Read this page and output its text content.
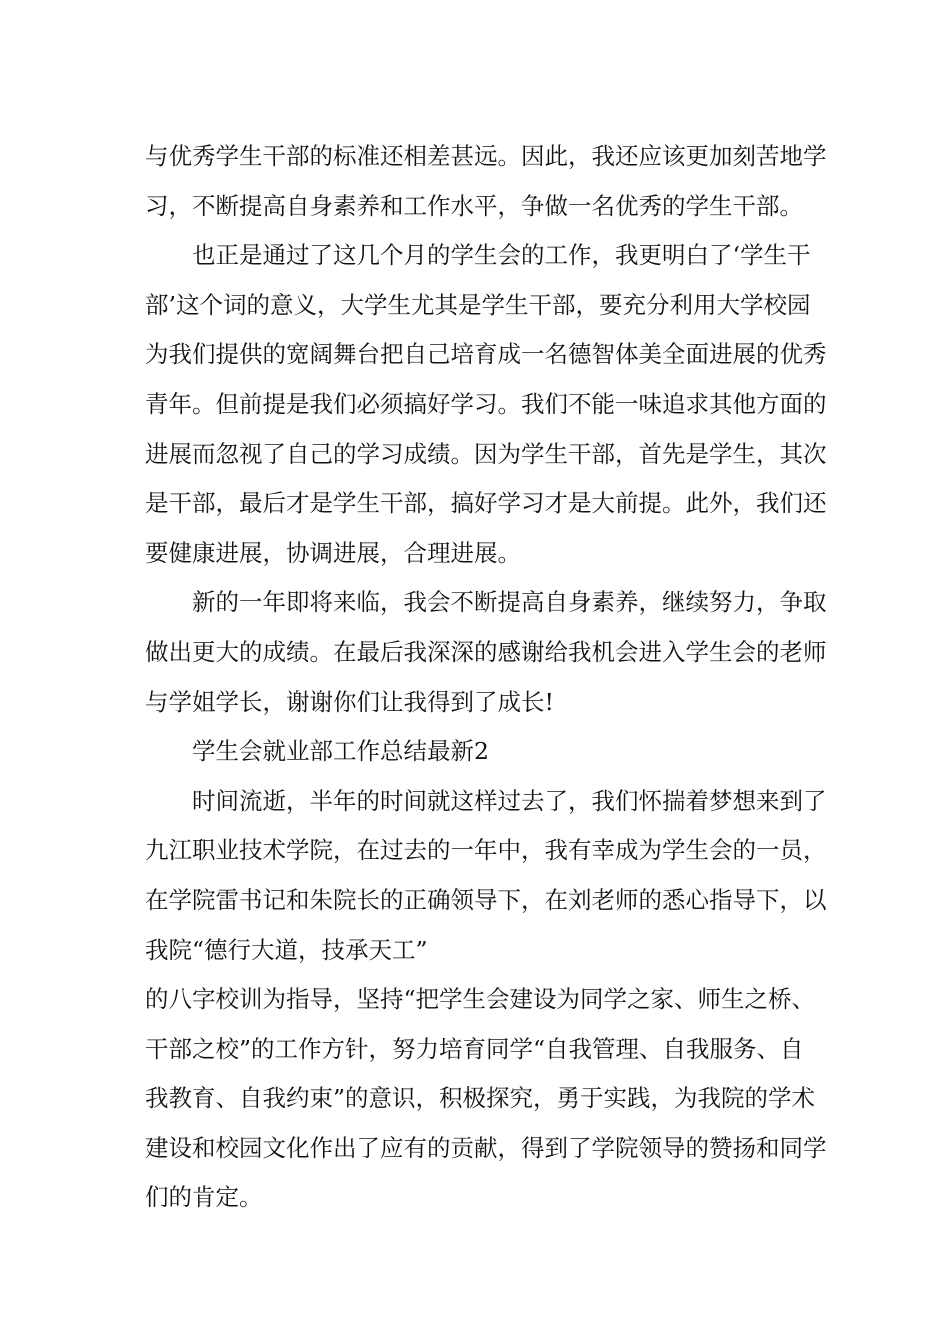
与优秀学生干部的标准还相差甚远。因此，我还应该更加刻苦地学
习，不断提高自身素养和工作水平，争做一名优秀的学生干部。
也正是通过了这几个月的学生会的工作，我更明白了‘学生干
部’这个词的意义，大学生尤其是学生干部，要充分利用大学校园
为我们提供的宽阔舞台把自己培育成一名德智体美全面进展的优秀
青年。但前提是我们必须搞好学习。我们不能一味追求其他方面的
进展而忽视了自己的学习成绩。因为学生干部，首先是学生，其次
是干部，最后才是学生干部，搞好学习才是大前提。此外，我们还
要健康进展，协调进展，合理进展。
新的一年即将来临，我会不断提高自身素养，继续努力，争取
做出更大的成绩。在最后我深深的感谢给我机会进入学生会的老师
与学姐学长，谢谢你们让我得到了成长!
学生会就业部工作总结最新2
时间流逝，半年的时间就这样过去了，我们怀揣着梦想来到了
九江职业技术学院，在过去的一年中，我有幸成为学生会的一员，
在学院雷书记和朱院长的正确领导下，在刘老师的悉心指导下，以
我院“德行大道，技承天工”
的八字校训为指导，坚持“把学生会建设为同学之家、师生之桥、
干部之校”的工作方针，努力培育同学“自我管理、自我服务、自
我教育、自我约束”的意识，积极探究，勇于实践，为我院的学术
建设和校园文化作出了应有的贡献，得到了学院领导的赞扬和同学
们的肯定。
